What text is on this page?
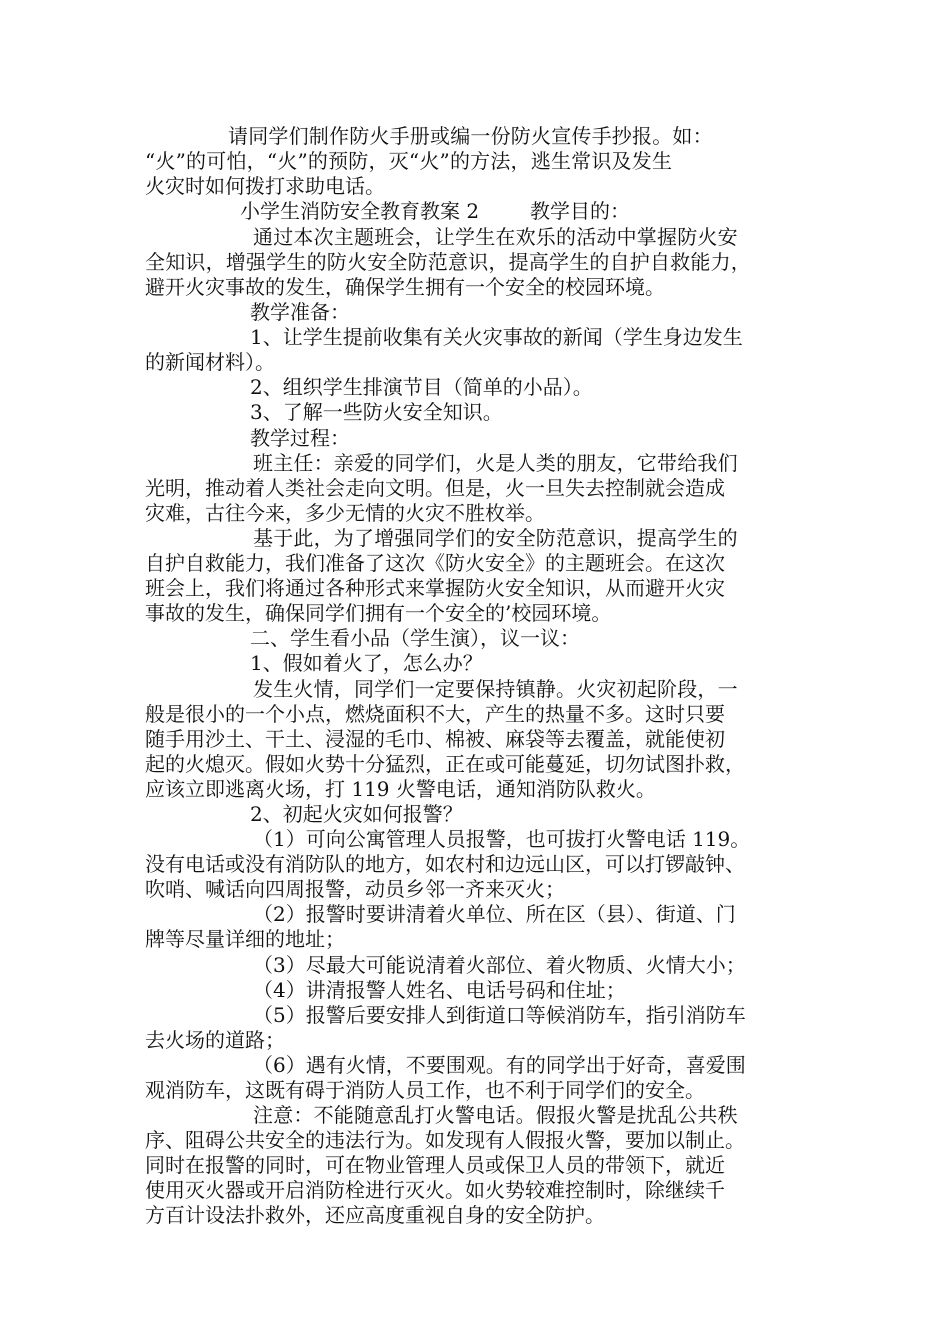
请同学们制作防火手册或编一份防火宣传手抄报。如：
“火”的可怕，“火”的预防，灭“火”的方法，逃生常识及发生
火灾时如何拨打求助电话。
小学生消防安全教育教案 2        教学目的：
通过本次主题班会，让学生在欢乐的活动中掌握防火安
全知识，增强学生的防火安全防范意识，提高学生的自护自救能力，
避开火灾事故的发生，确保学生拥有一个安全的校园环境。
教学准备：
1、让学生提前收集有关火灾事故的新闻（学生身边发生
的新闻材料）。
2、组织学生排演节目（简单的小品）。
3、了解一些防火安全知识。
教学过程：
班主任：亲爱的同学们，火是人类的朋友，它带给我们
光明，推动着人类社会走向文明。但是，火一旦失去控制就会造成
灾难，古往今来，多少无情的火灾不胜枚举。
基于此，为了增强同学们的安全防范意识，提高学生的
自护自救能力，我们准备了这次《防火安全》的主题班会。在这次
班会上，我们将通过各种形式来掌握防火安全知识，从而避开火灾
事故的发生，确保同学们拥有一个安全的’校园环境。
二、学生看小品（学生演），议一议：
1、假如着火了，怎么办？
发生火情，同学们一定要保持镇静。火灾初起阶段，一
般是很小的一个小点，燃烧面积不大，产生的热量不多。这时只要
随手用沙土、干土、浸湿的毛巾、棉被、麻袋等去覆盖，就能使初
起的火熄灭。假如火势十分猛烈，正在或可能蔓延，切勿试图扑救，
应该立即逃离火场，打 119 火警电话，通知消防队救火。
2、初起火灾如何报警？
（1）可向公寓管理人员报警，也可拔打火警电话 119。
没有电话或没有消防队的地方，如农村和边远山区，可以打锣敲钟、
吹哨、喊话向四周报警，动员乡邻一齐来灭火；
（2）报警时要讲清着火单位、所在区（县）、街道、门
牌等尽量详细的地址；
（3）尽最大可能说清着火部位、着火物质、火情大小；
（4）讲清报警人姓名、电话号码和住址；
（5）报警后要安排人到街道口等候消防车，指引消防车
去火场的道路；
（6）遇有火情，不要围观。有的同学出于好奇，喜爱围
观消防车，这既有碍于消防人员工作，也不利于同学们的安全。
注意：不能随意乱打火警电话。假报火警是扰乱公共秩
序、阻碍公共安全的违法行为。如发现有人假报火警，要加以制止。
同时在报警的同时，可在物业管理人员或保卫人员的带领下，就近
使用灭火器或开启消防栓进行灭火。如火势较难控制时，除继续千
方百计设法扑救外，还应高度重视自身的安全防护。
